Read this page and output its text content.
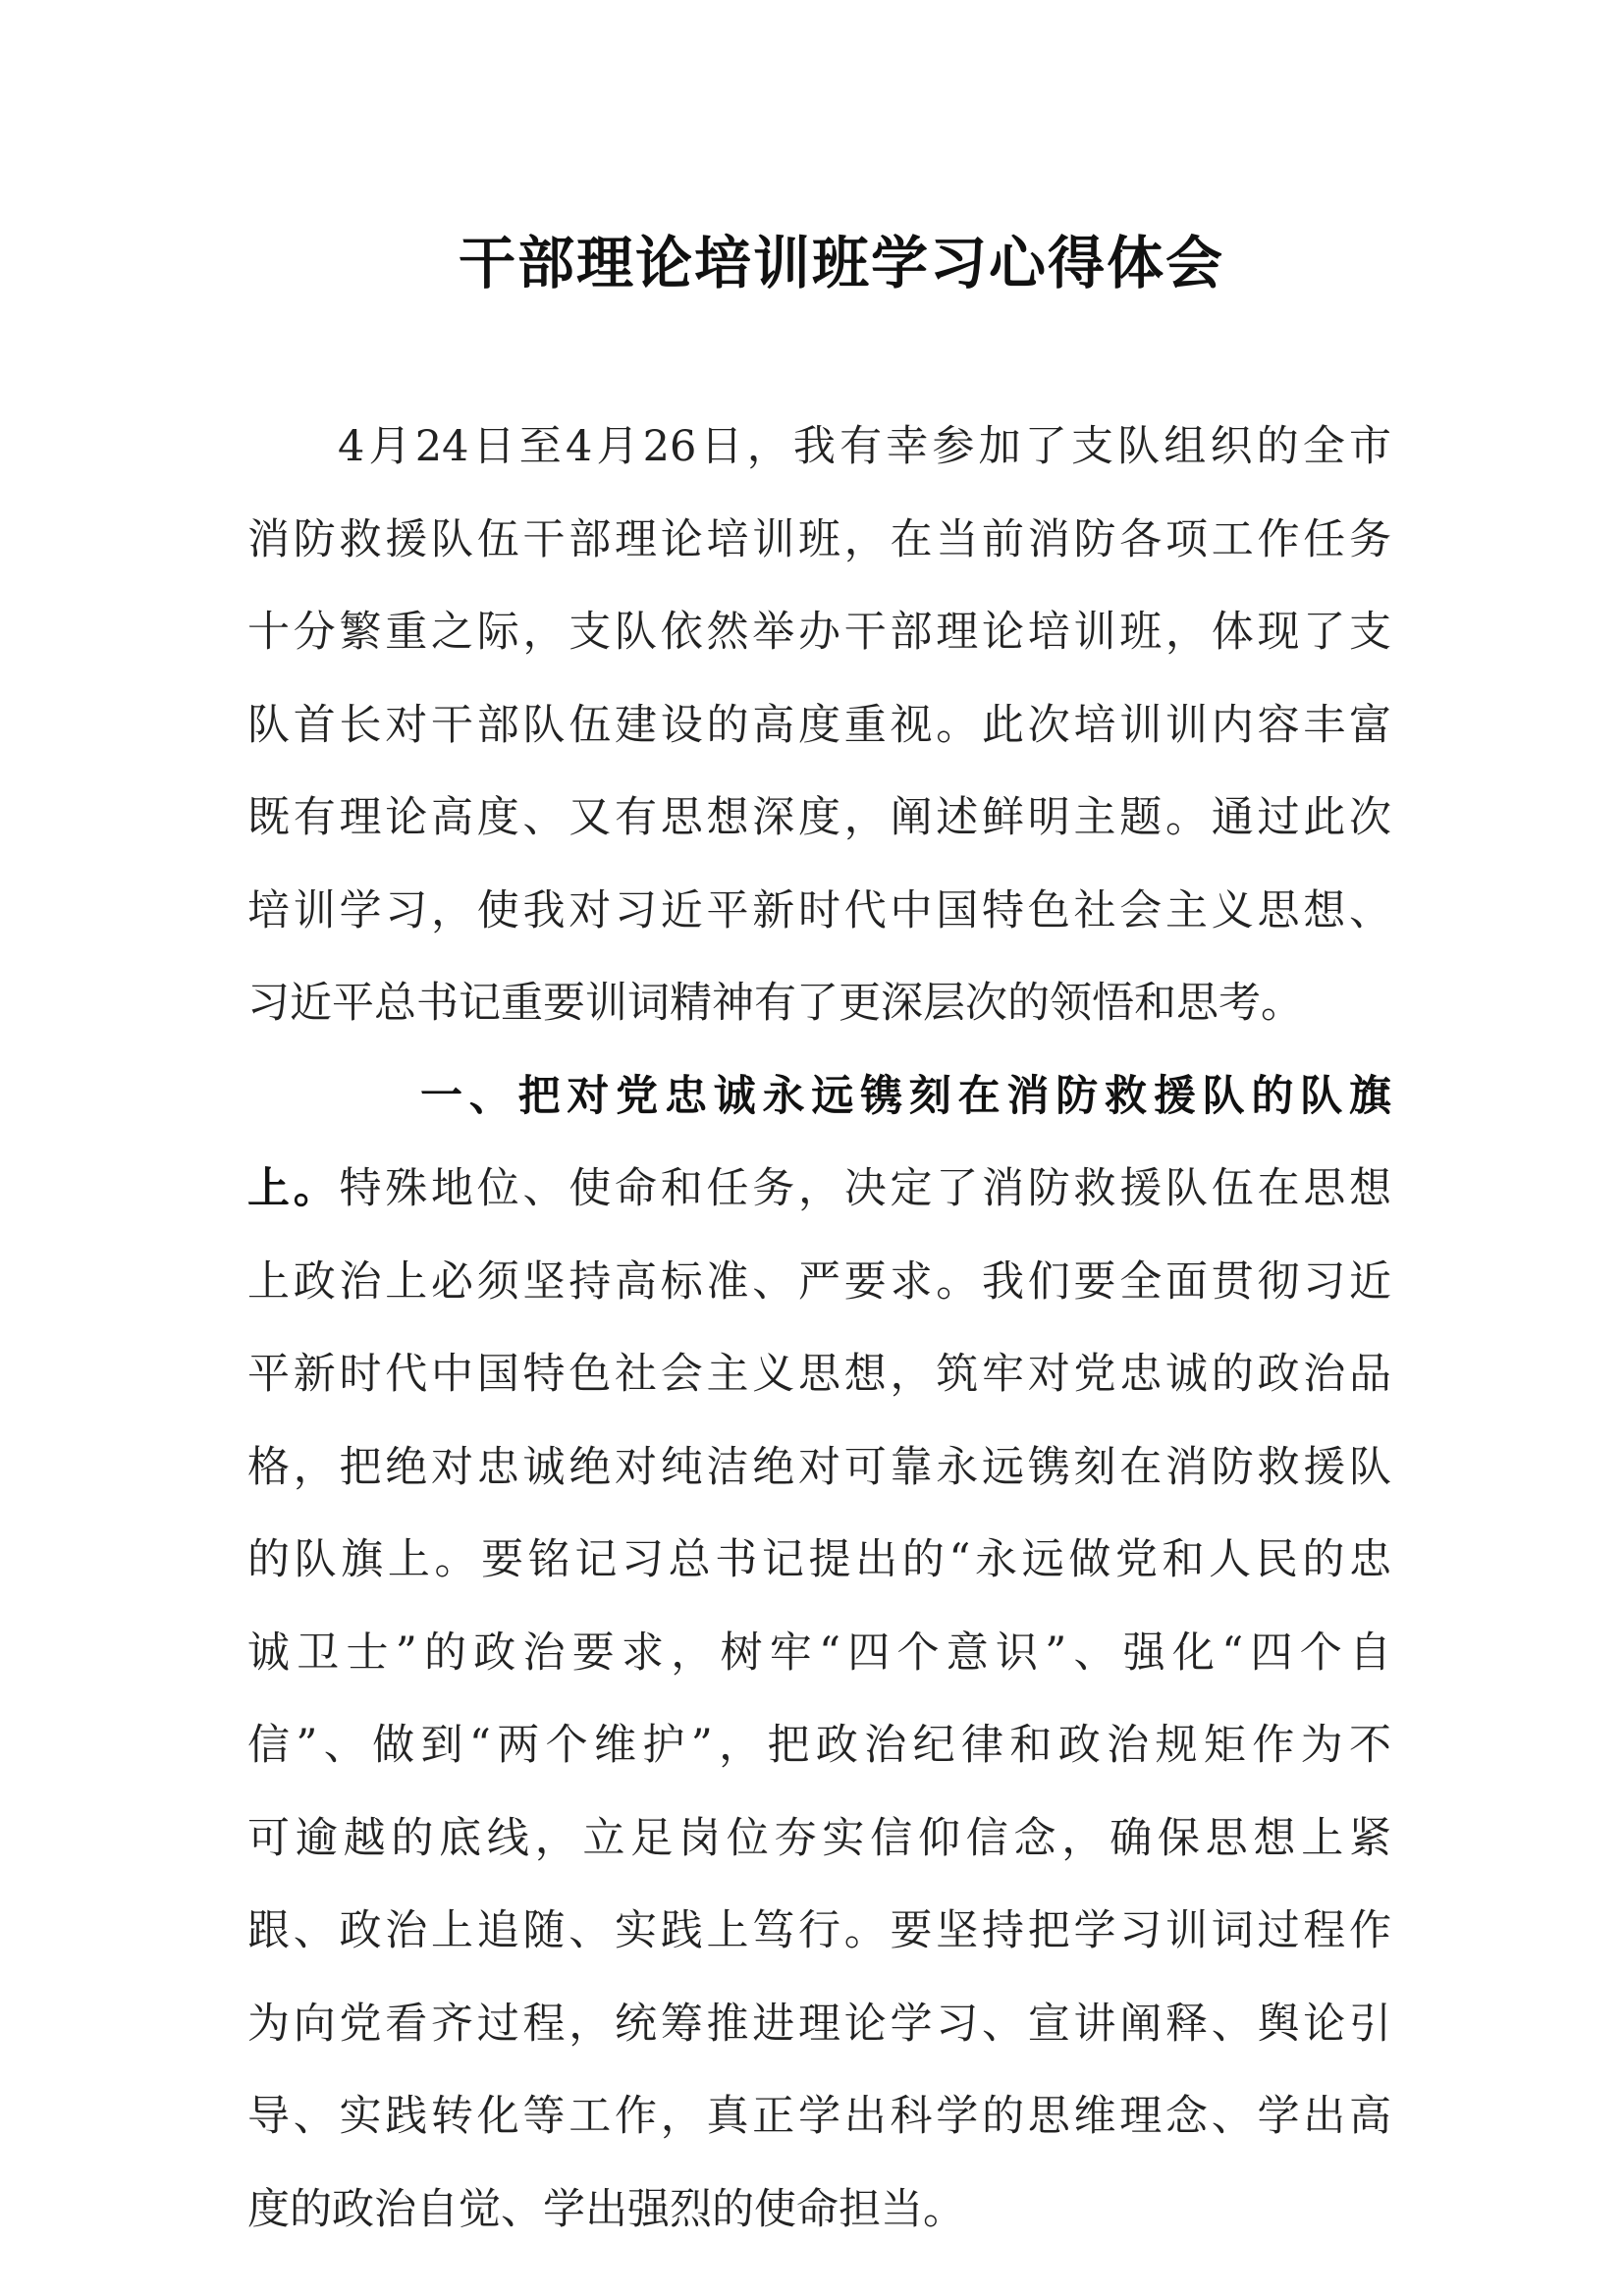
干部理论培训班学习心得体会
4月24日至4月26日，我有幸参加了支队组织的全市
消防救援队伍干部理论培训班，在当前消防各项工作任务
十分繁重之际，支队依然举办干部理论培训班，体现了支
队首长对干部队伍建设的高度重视。此次培训训内容丰富
既有理论高度、又有思想深度，阐述鲜明主题。通过此次
培训学习，使我对习近平新时代中国特色社会主义思想、
习近平总书记重要训词精神有了更深层次的领悟和思考。
一、把对党忠诚永远镌刻在消防救援队的队旗
上。特殊地位、使命和任务，决定了消防救援队伍在思想
上政治上必须坚持高标准、严要求。我们要全面贯彻习近
平新时代中国特色社会主义思想，筑牢对党忠诚的政治品
格，把绝对忠诚绝对纯洁绝对可靠永远镌刻在消防救援队
的队旗上。要铭记习总书记提出的“永远做党和人民的忠
诚卫士”的政治要求，树牢“四个意识”、强化“四个自
信”、做到“两个维护”，把政治纪律和政治规矩作为不
可逾越的底线，立足岗位夯实信仰信念，确保思想上紧
跟、政治上追随、实践上笃行。要坚持把学习训词过程作
为向党看齐过程，统筹推进理论学习、宣讲阐释、舆论引
导、实践转化等工作，真正学出科学的思维理念、学出高
度的政治自觉、学出强烈的使命担当。
